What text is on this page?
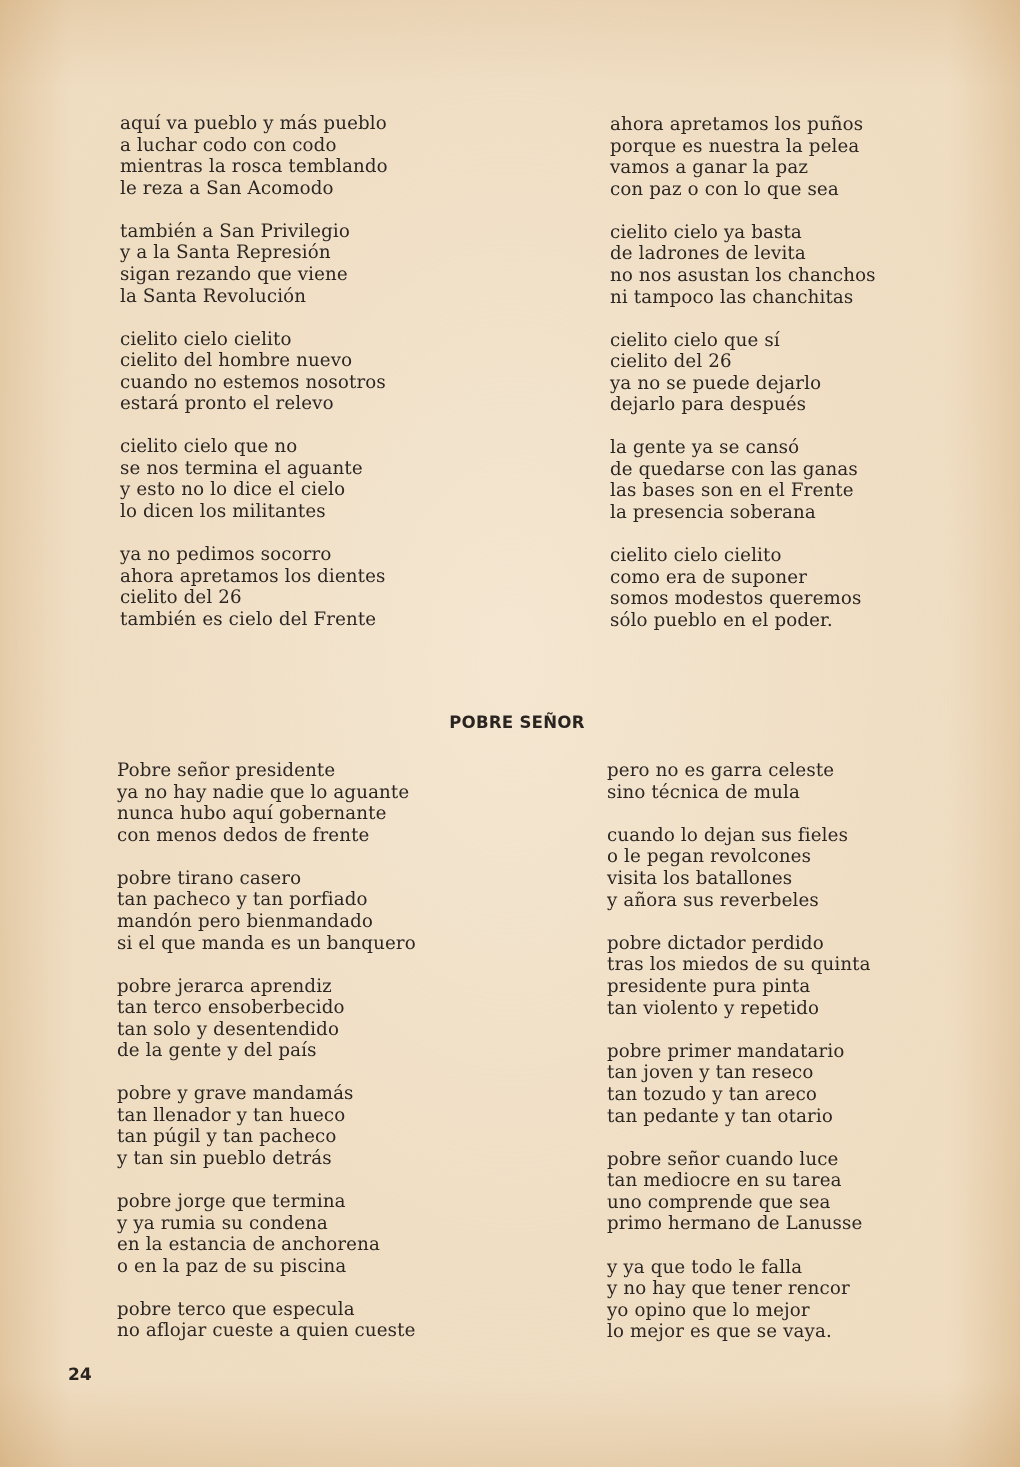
aquí va pueblo y más pueblo
a luchar codo con codo
mientras la rosca temblando
le reza a San Acomodo
también a San Privilegio
y a la Santa Represión
sigan rezando que viene
la Santa Revolución
cielito cielo cielito
cielito del hombre nuevo
cuando no estemos nosotros
estará pronto el relevo
cielito cielo que no
se nos termina el aguante
y esto no lo dice el cielo
lo dicen los militantes
ya no pedimos socorro
ahora apretamos los dientes
cielito del 26
también es cielo del Frente
ahora apretamos los puños
porque es nuestra la pelea
vamos a ganar la paz
con paz o con lo que sea
cielito cielo ya basta
de ladrones de levita
no nos asustan los chanchos
ni tampoco las chanchitas
cielito cielo que sí
cielito del 26
ya no se puede dejarlo
dejarlo para después
la gente ya se cansó
de quedarse con las ganas
las bases son en el Frente
la presencia soberana
cielito cielo cielito
como era de suponer
somos modestos queremos
sólo pueblo en el poder.
POBRE SEÑOR
Pobre señor presidente
ya no hay nadie que lo aguante
nunca hubo aquí gobernante
con menos dedos de frente
pobre tirano casero
tan pacheco y tan porfiado
mandón pero bienmandado
si el que manda es un banquero
pobre jerarca aprendiz
tan terco ensoberbecido
tan solo y desentendido
de la gente y del país
pobre y grave mandamás
tan llenador y tan hueco
tan púgil y tan pacheco
y tan sin pueblo detrás
pobre jorge que termina
y ya rumia su condena
en la estancia de anchorena
o en la paz de su piscina
pobre terco que especula
no aflojar cueste a quien cueste
pero no es garra celeste
sino técnica de mula
cuando lo dejan sus fieles
o le pegan revolcones
visita los batallones
y añora sus reverbeles
pobre dictador perdido
tras los miedos de su quinta
presidente pura pinta
tan violento y repetido
pobre primer mandatario
tan joven y tan reseco
tan tozudo y tan areco
tan pedante y tan otario
pobre señor cuando luce
tan mediocre en su tarea
uno comprende que sea
primo hermano de Lanusse
y ya que todo le falla
y no hay que tener rencor
yo opino que lo mejor
lo mejor es que se vaya.
24
